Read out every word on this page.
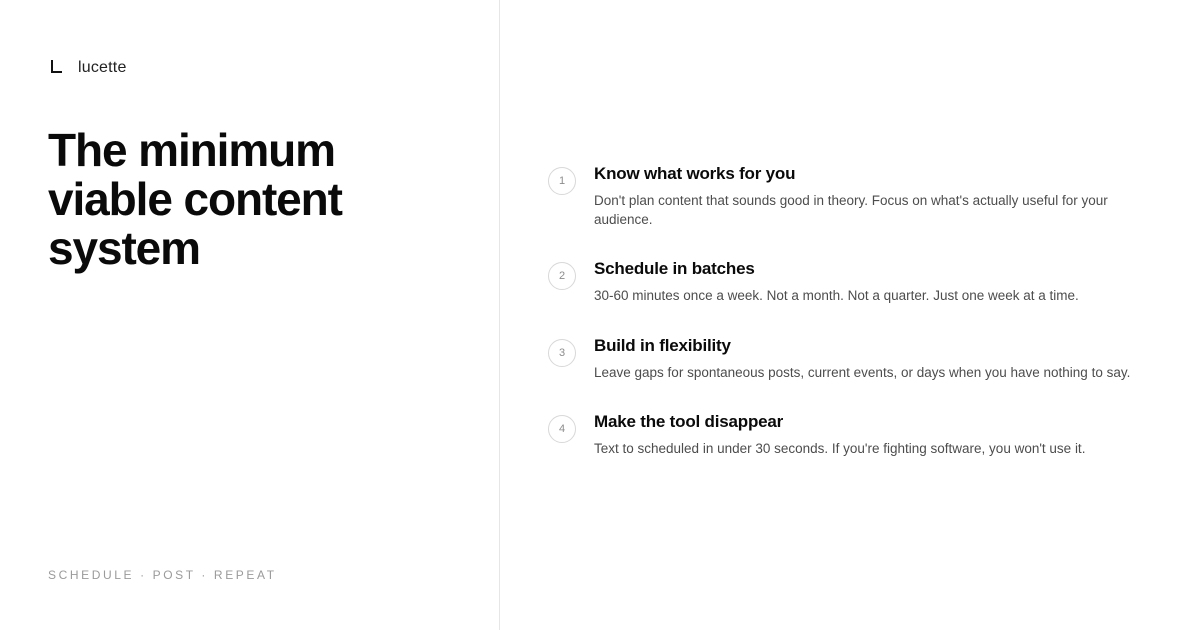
lucette
The minimum viable content system
SCHEDULE · POST · REPEAT
1	Know what works for you

Don't plan content that sounds good in theory. Focus on what's actually useful for your audience.

2	Schedule in batches

30-60 minutes once a week. Not a month. Not a quarter. Just one week at a time.

3	Build in flexibility

Leave gaps for spontaneous posts, current events, or days when you have nothing to say.

4	Make the tool disappear

Text to scheduled in under 30 seconds. If you're fighting software, you won't use it.
